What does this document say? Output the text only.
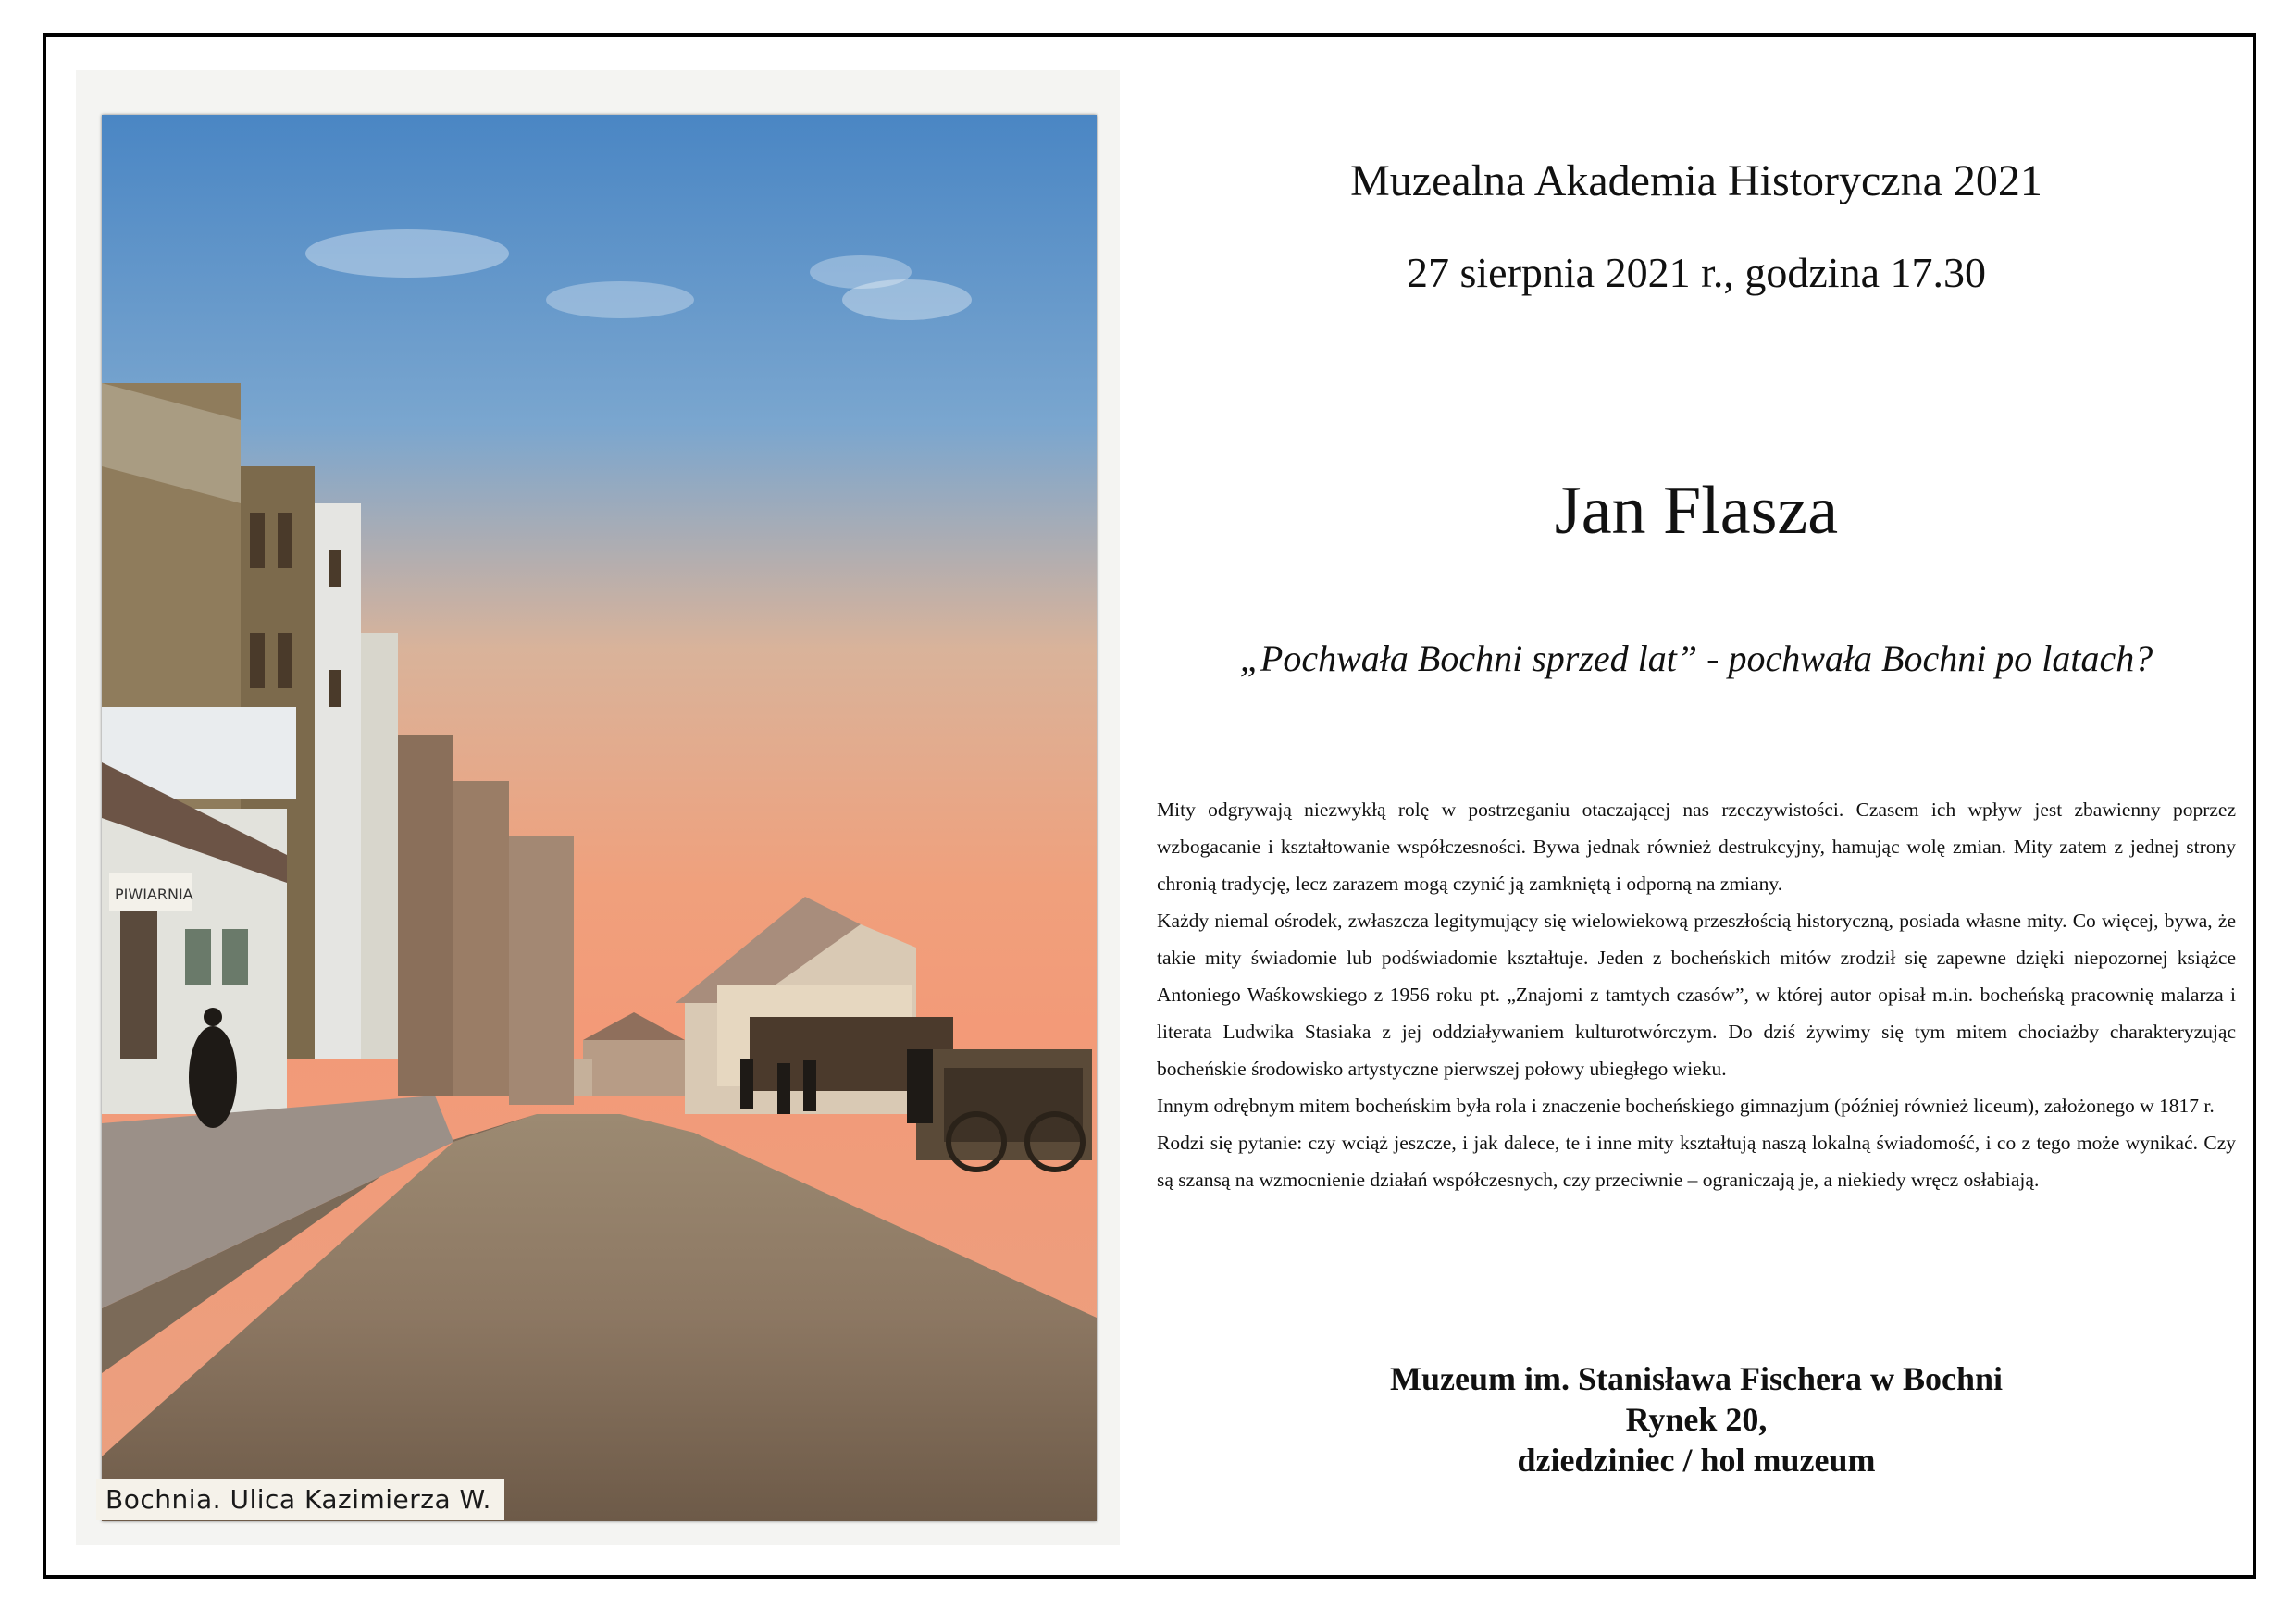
PIWIARNIA
Bochnia. Ulica Kazimierza W.
Muzealna Akademia Historyczna 2021
27 sierpnia 2021 r., godzina 17.30
Jan Flasza
„Pochwała Bochni sprzed lat” - pochwała Bochni po latach?

Mity odgrywają niezwykłą rolę w postrzeganiu otaczającej nas rzeczywistości. Czasem ich wpływ jest zbawienny poprzez wzbogacanie i kształtowanie współczesności. Bywa jednak również destrukcyjny, hamując wolę zmian. Mity zatem z jednej strony chronią tradycję, lecz zarazem mogą czynić ją zamkniętą i odporną na zmiany.

Każdy niemal ośrodek, zwłaszcza legitymujący się wielowiekową przeszłością historyczną, posiada własne mity. Co więcej, bywa, że takie mity świadomie lub podświadomie kształtuje. Jeden z bocheńskich mitów zrodził się zapewne dzięki niepozornej książce Antoniego Waśkowskiego z 1956 roku pt. „Znajomi z tamtych czasów”, w której autor opisał m.in. bocheńską pracownię malarza i literata Ludwika Stasiaka z jej oddziaływaniem kulturotwórczym. Do dziś żywimy się tym mitem chociażby charakteryzując bocheńskie środowisko artystyczne pierwszej połowy ubiegłego wieku.

Innym odrębnym mitem bocheńskim była rola i znaczenie bocheńskiego gimnazjum (później również liceum), założonego w 1817 r.

Rodzi się pytanie: czy wciąż jeszcze, i jak dalece, te i inne mity kształtują naszą lokalną świadomość, i co z tego może wynikać. Czy są szansą na wzmocnienie działań współczesnych, czy przeciwnie – ograniczają je, a niekiedy wręcz osłabiają.

Muzeum im. Stanisława Fischera w Bochni
Rynek 20,
dziedziniec / hol muzeum
